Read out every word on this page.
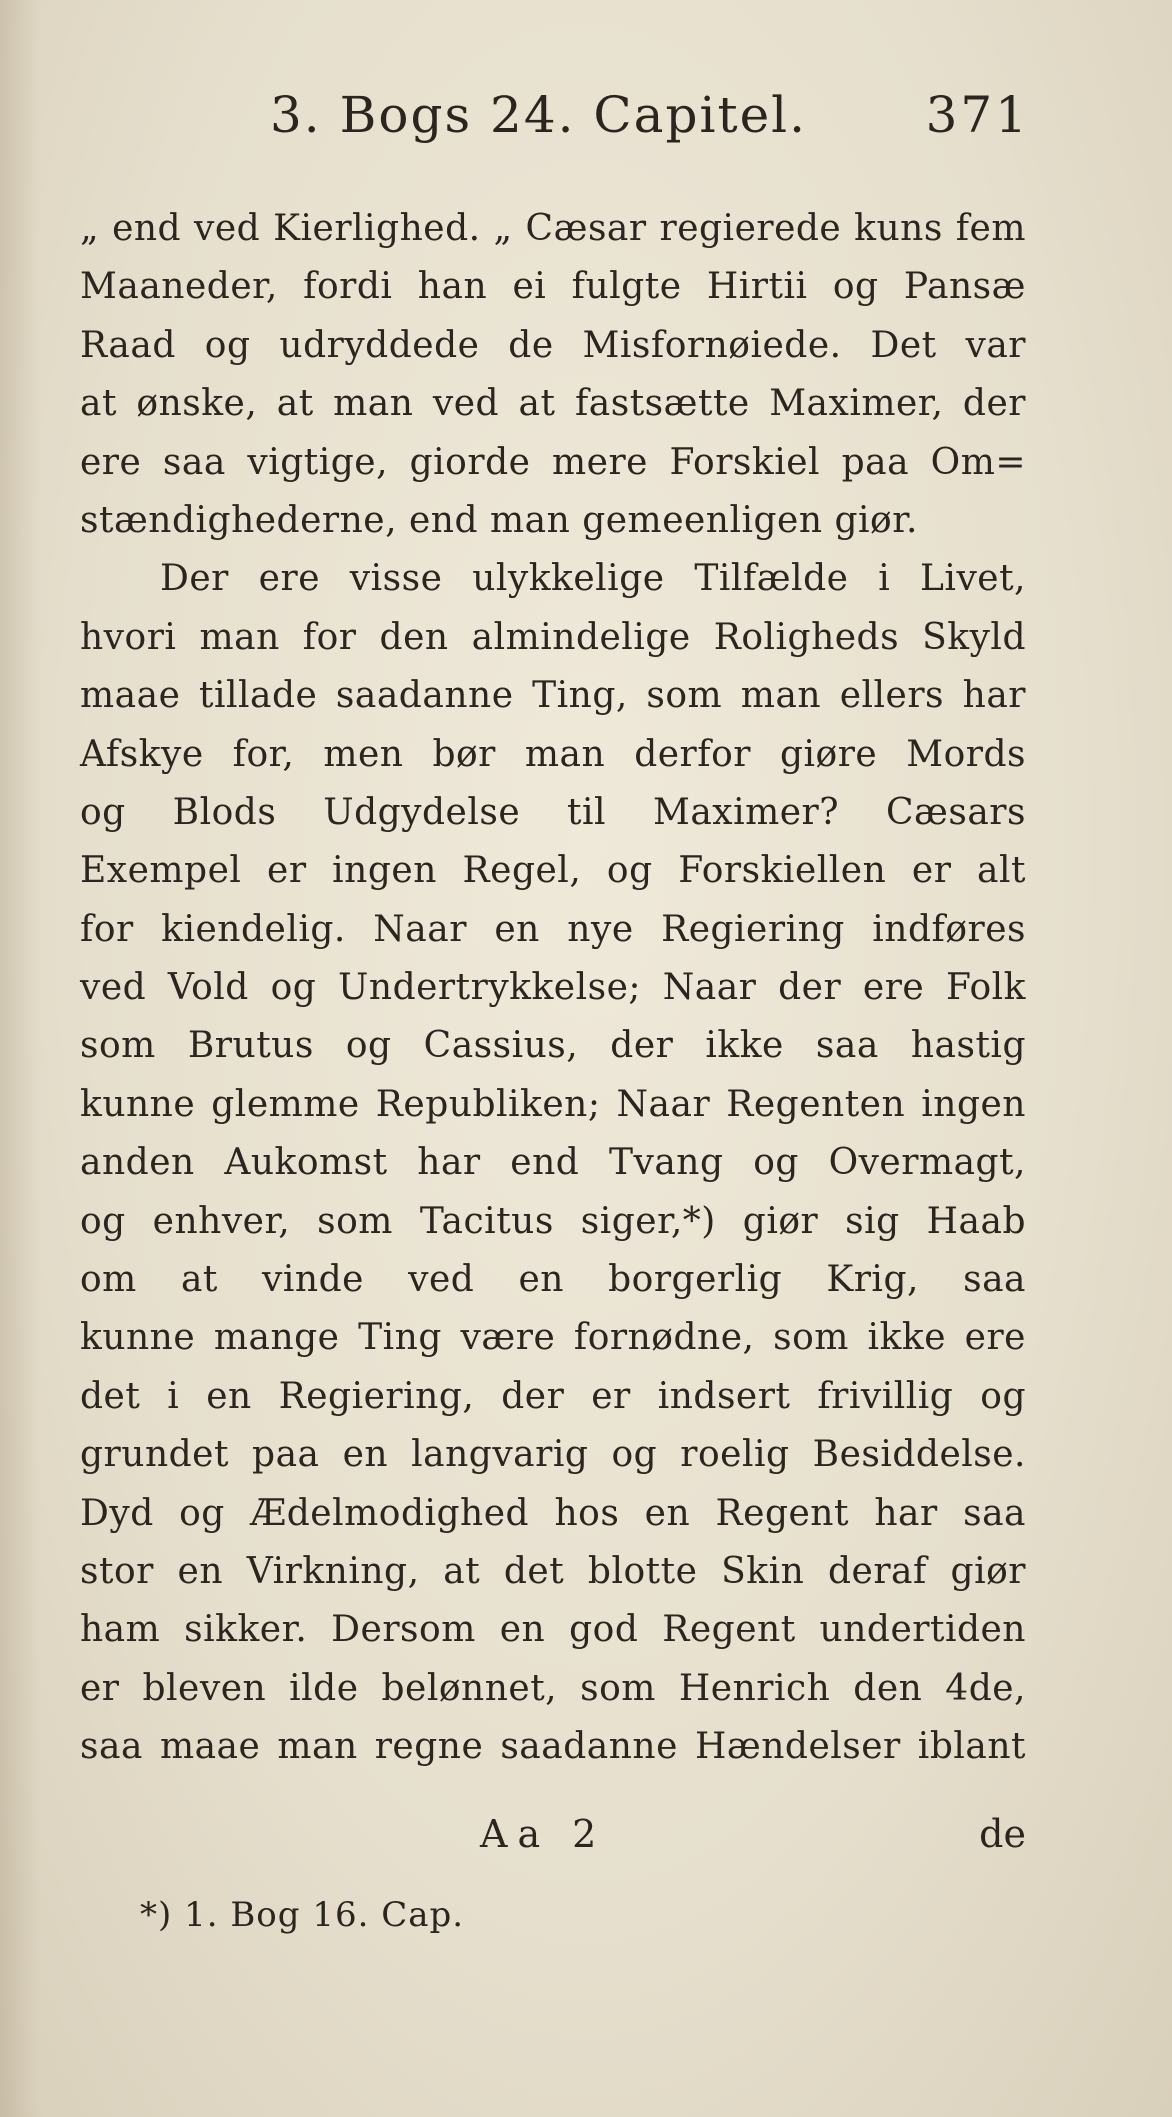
3. Bogs 24. Capitel. 371
„ end ved Kierlighed. „ Cæsar regierede kuns fem
Maaneder, fordi han ei fulgte Hirtii og Pansæ
Raad og udryddede de Misfornøiede. Det var
at ønske, at man ved at fastsætte Maximer, der
ere saa vigtige, giorde mere Forskiel paa Om=
stændighederne, end man gemeenligen giør.
Der ere visse ulykkelige Tilfælde i Livet,
hvori man for den almindelige Roligheds Skyld
maae tillade saadanne Ting, som man ellers har
Afskye for, men bør man derfor giøre Mords
og Blods Udgydelse til Maximer? Cæsars
Exempel er ingen Regel, og Forskiellen er alt
for kiendelig. Naar en nye Regiering indføres
ved Vold og Undertrykkelse; Naar der ere Folk
som Brutus og Cassius, der ikke saa hastig
kunne glemme Republiken; Naar Regenten ingen
anden Aukomst har end Tvang og Overmagt,
og enhver, som Tacitus siger,*) giør sig Haab
om at vinde ved en borgerlig Krig, saa
kunne mange Ting være fornødne, som ikke ere
det i en Regiering, der er indsert frivillig og
grundet paa en langvarig og roelig Besiddelse.
Dyd og Ædelmodighed hos en Regent har saa
stor en Virkning, at det blotte Skin deraf giør
ham sikker. Dersom en god Regent undertiden
er bleven ilde belønnet, som Henrich den 4de,
saa maae man regne saadanne Hændelser iblant
Aa 2	de
*) 1. Bog 16. Cap.
